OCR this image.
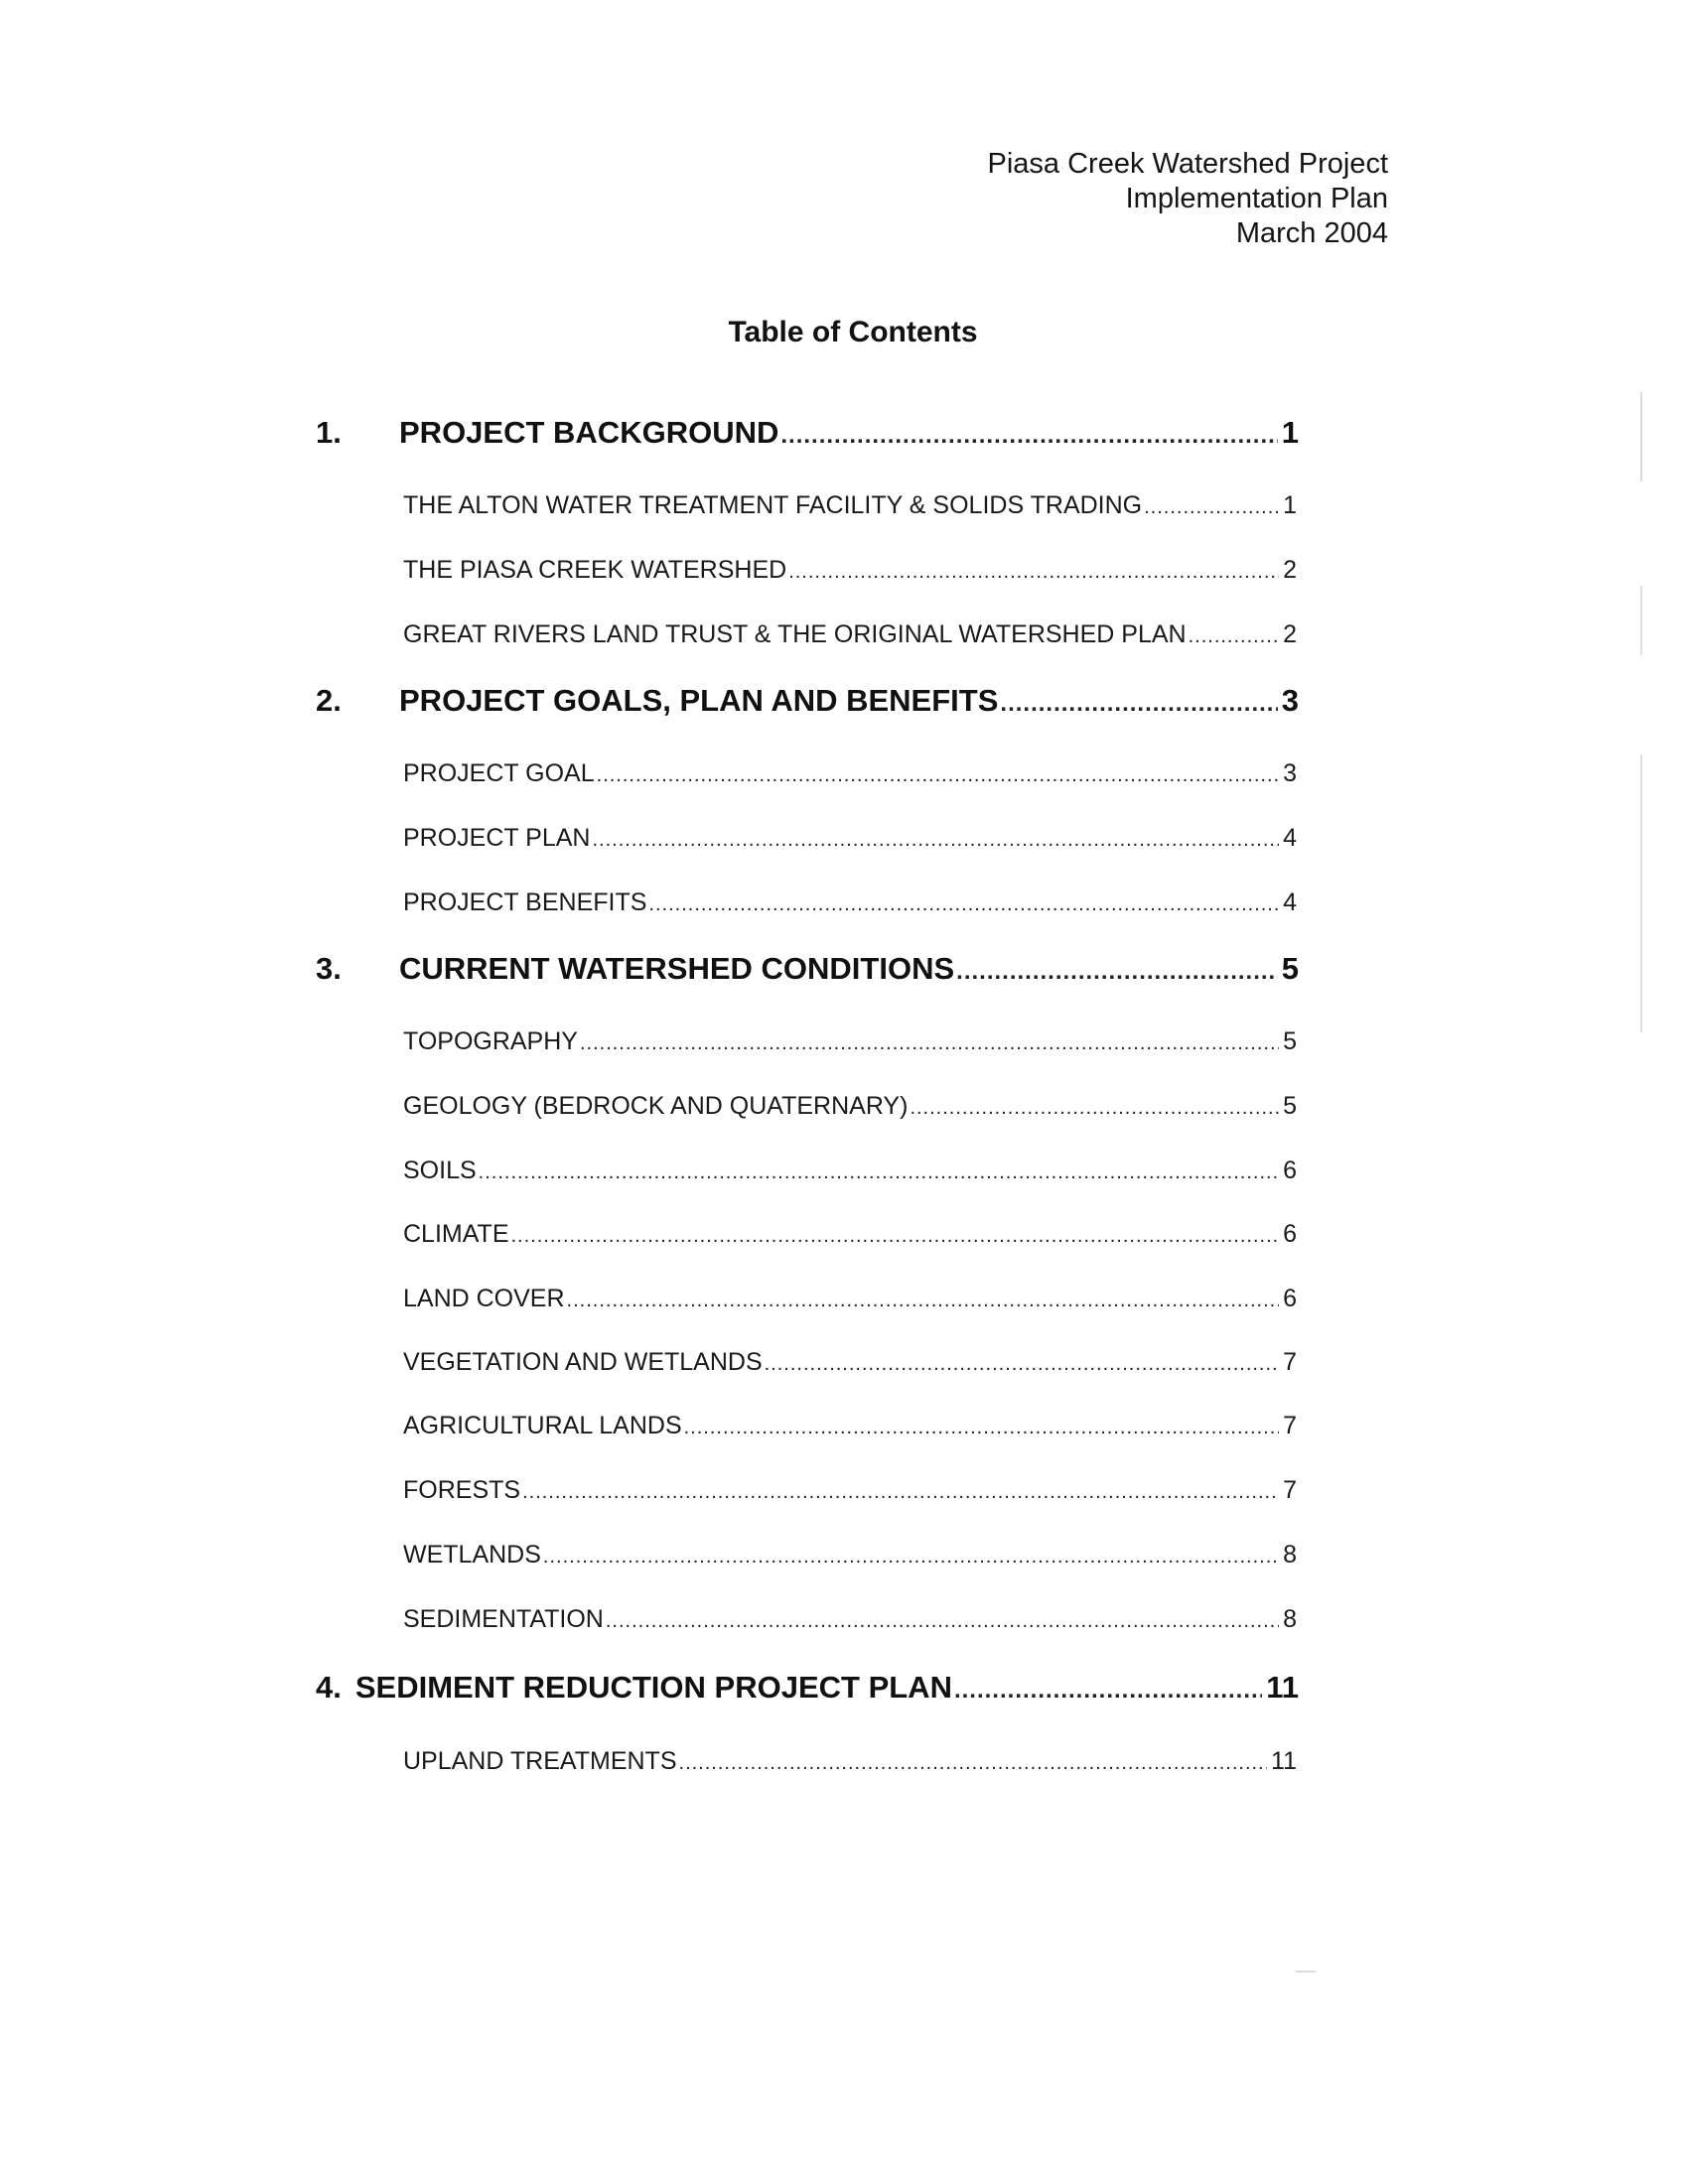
Piasa Creek Watershed Project
Implementation Plan
March 2004
Table of Contents
1. PROJECT BACKGROUND .....	1
THE ALTON WATER TREATMENT FACILITY & SOLIDS TRADING .....	1
THE PIASA CREEK WATERSHED .....	2
GREAT RIVERS LAND TRUST & THE ORIGINAL WATERSHED PLAN .....	2
2. PROJECT GOALS, PLAN AND BENEFITS .....	3
PROJECT GOAL .....	3
PROJECT PLAN .....	4
PROJECT BENEFITS .....	4
3. CURRENT WATERSHED CONDITIONS .....	5
TOPOGRAPHY .....	5
GEOLOGY (BEDROCK AND QUATERNARY) .....	5
SOILS .....	6
CLIMATE .....	6
LAND COVER .....	6
VEGETATION AND WETLANDS .....	7
AGRICULTURAL LANDS .....	7
FORESTS .....	7
WETLANDS .....	8
SEDIMENTATION .....	8
4. SEDIMENT REDUCTION PROJECT PLAN .....	11
UPLAND TREATMENTS .....	11
